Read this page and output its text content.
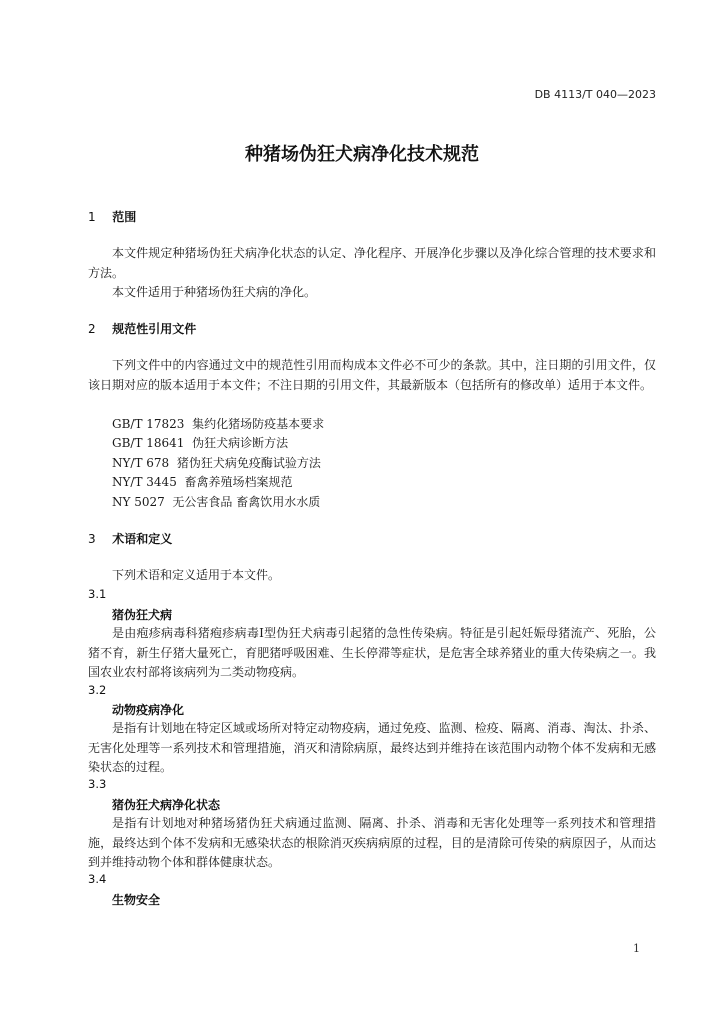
DB 4113/T 040—2023
种猪场伪狂犬病净化技术规范
1 范围
本文件规定种猪场伪狂犬病净化状态的认定、净化程序、开展净化步骤以及净化综合管理的技术要求和方法。
本文件适用于种猪场伪狂犬病的净化。
2 规范性引用文件
下列文件中的内容通过文中的规范性引用而构成本文件必不可少的条款。其中，注日期的引用文件，仅该日期对应的版本适用于本文件；不注日期的引用文件，其最新版本（包括所有的修改单）适用于本文件。
GB/T 17823  集约化猪场防疫基本要求
GB/T 18641  伪狂犬病诊断方法
NY/T 678  猪伪狂犬病免疫酶试验方法
NY/T 3445  畜禽养殖场档案规范
NY 5027  无公害食品 畜禽饮用水水质
3 术语和定义
下列术语和定义适用于本文件。
3.1
猪伪狂犬病
是由疱疹病毒科猪疱疹病毒Ⅰ型伪狂犬病毒引起猪的急性传染病。特征是引起妊娠母猪流产、死胎，公猪不育，新生仔猪大量死亡，育肥猪呼吸困难、生长停滞等症状，是危害全球养猪业的重大传染病之一。我国农业农村部将该病列为二类动物疫病。
3.2
动物疫病净化
是指有计划地在特定区域或场所对特定动物疫病，通过免疫、监测、检疫、隔离、消毒、淘汰、扑杀、无害化处理等一系列技术和管理措施，消灭和清除病原，最终达到并维持在该范围内动物个体不发病和无感染状态的过程。
3.3
猪伪狂犬病净化状态
是指有计划地对种猪场猪伪狂犬病通过监测、隔离、扑杀、消毒和无害化处理等一系列技术和管理措施，最终达到个体不发病和无感染状态的根除消灭疾病病原的过程，目的是清除可传染的病原因子，从而达到并维持动物个体和群体健康状态。
3.4
生物安全
1
